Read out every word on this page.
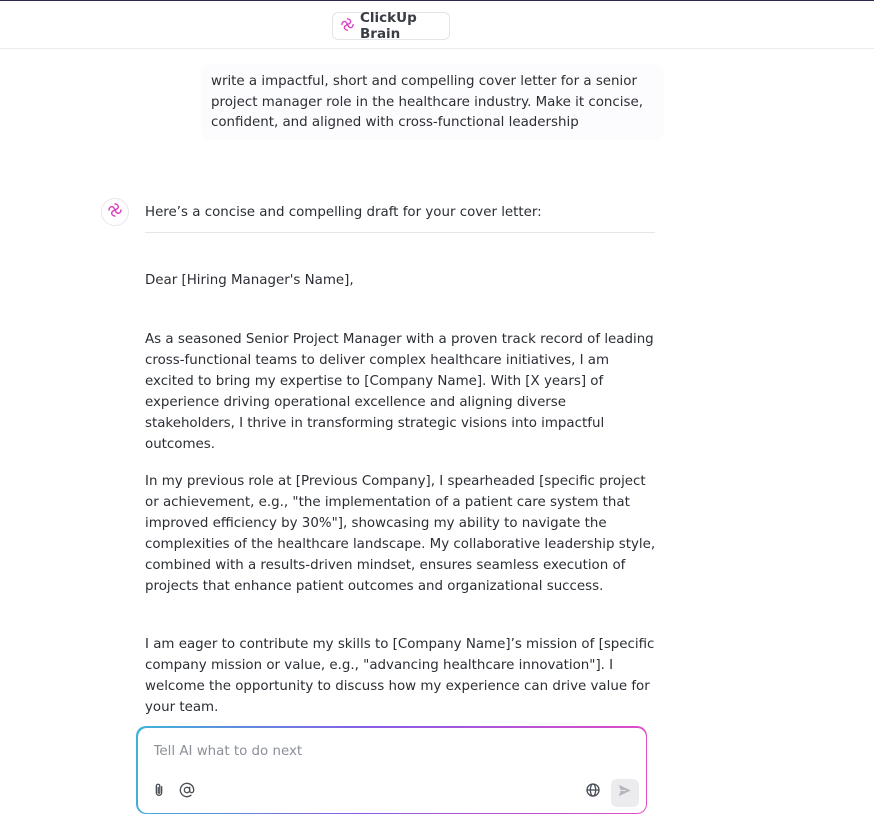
ClickUp Brain
write a impactful, short and compelling cover letter for a senior project manager role in the healthcare industry. Make it concise, confident, and aligned with cross-functional leadership
Here’s a concise and compelling draft for your cover letter:
Dear [Hiring Manager's Name],
As a seasoned Senior Project Manager with a proven track record of leading cross-functional teams to deliver complex healthcare initiatives, I am excited to bring my expertise to [Company Name]. With [X years] of experience driving operational excellence and aligning diverse stakeholders, I thrive in transforming strategic visions into impactful outcomes.
In my previous role at [Previous Company], I spearheaded [specific project or achievement, e.g., "the implementation of a patient care system that improved efficiency by 30%"], showcasing my ability to navigate the complexities of the healthcare landscape. My collaborative leadership style, combined with a results-driven mindset, ensures seamless execution of projects that enhance patient outcomes and organizational success.
I am eager to contribute my skills to [Company Name]’s mission of [specific company mission or value, e.g., "advancing healthcare innovation"]. I welcome the opportunity to discuss how my experience can drive value for your team.
Tell AI what to do next
